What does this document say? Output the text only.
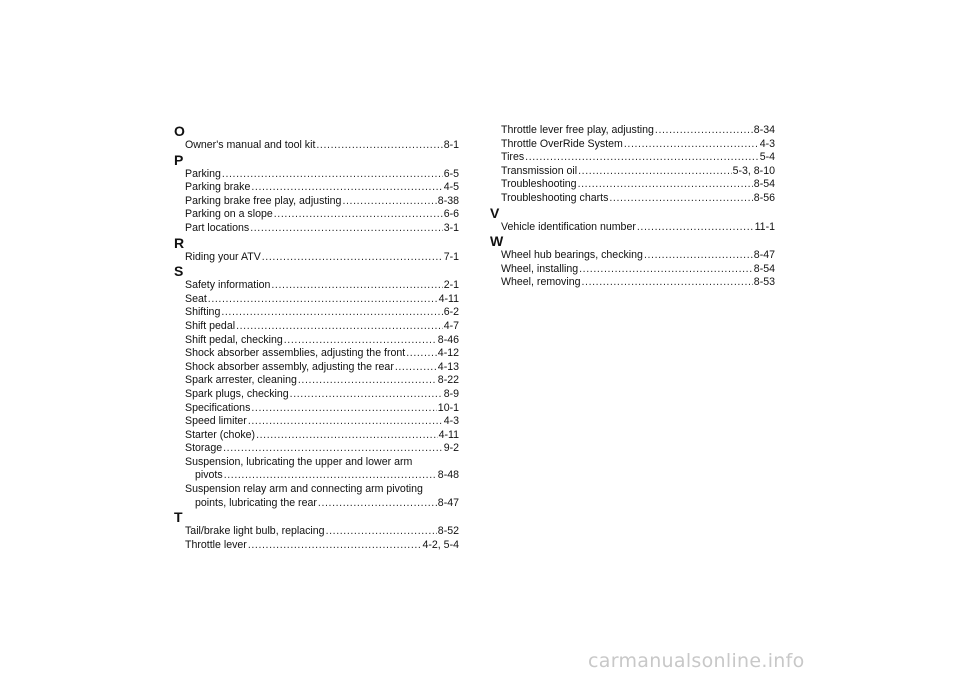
O
Owner's manual and tool kit .....	8-1
P
Parking .....	6-5
Parking brake .....	4-5
Parking brake free play, adjusting .....	8-38
Parking on a slope .....	6-6
Part locations .....	3-1
R
Riding your ATV .....	7-1
S
Safety information .....	2-1
Seat .....	4-11
Shifting .....	6-2
Shift pedal .....	4-7
Shift pedal, checking .....	8-46
Shock absorber assemblies, adjusting the front .....	4-12
Shock absorber assembly, adjusting the rear .....	4-13
Spark arrester, cleaning .....	8-22
Spark plugs, checking .....	8-9
Specifications .....	10-1
Speed limiter .....	4-3
Starter (choke) .....	4-11
Storage .....	9-2
Suspension, lubricating the upper and lower arm
pivots .....	8-48
Suspension relay arm and connecting arm pivoting
points, lubricating the rear .....	8-47
T
Tail/brake light bulb, replacing .....	8-52
Throttle lever .....	4-2, 5-4
Throttle lever free play, adjusting .....	8-34
Throttle OverRide System .....	4-3
Tires .....	5-4
Transmission oil .....	5-3, 8-10
Troubleshooting .....	8-54
Troubleshooting charts .....	8-56
V
Vehicle identification number .....	11-1
W
Wheel hub bearings, checking .....	8-47
Wheel, installing .....	8-54
Wheel, removing .....	8-53
carmanualsonline.info
